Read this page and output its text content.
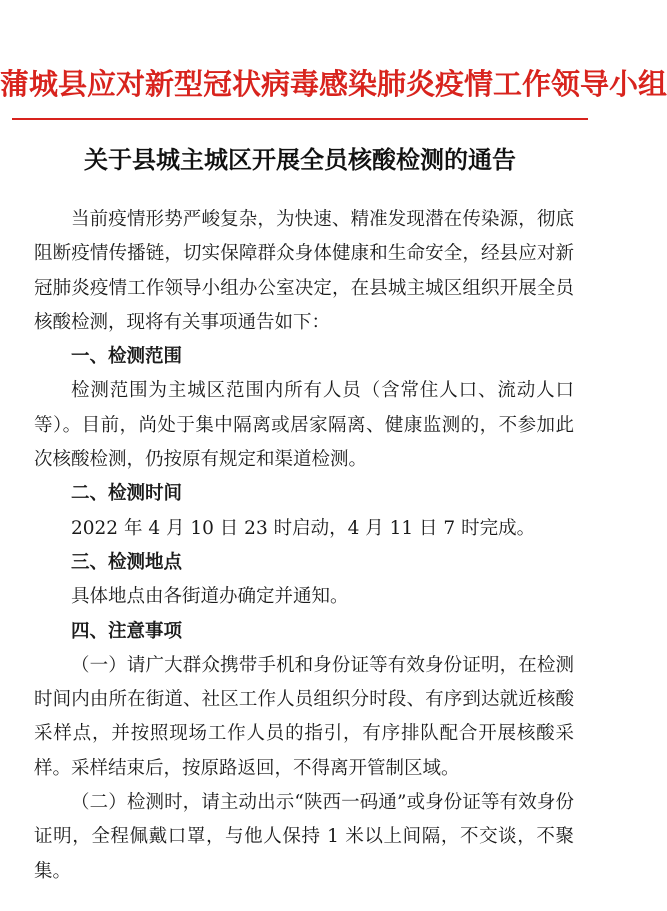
蒲城县应对新型冠状病毒感染肺炎疫情工作领导小组
关于县城主城区开展全员核酸检测的通告

当前疫情形势严峻复杂，为快速、精准发现潜在传染源，彻底阻断疫情传播链，切实保障群众身体健康和生命安全，经县应对新冠肺炎疫情工作领导小组办公室决定，在县城主城区组织开展全员核酸检测，现将有关事项通告如下：

一、检测范围

检测范围为主城区范围内所有人员（含常住人口、流动人口等）。目前，尚处于集中隔离或居家隔离、健康监测的，不参加此次核酸检测，仍按原有规定和渠道检测。

二、检测时间

2022 年 4 月 10 日 23 时启动，4 月 11 日 7 时完成。

三、检测地点

具体地点由各街道办确定并通知。

四、注意事项

（一）请广大群众携带手机和身份证等有效身份证明，在检测时间内由所在街道、社区工作人员组织分时段、有序到达就近核酸采样点，并按照现场工作人员的指引，有序排队配合开展核酸采样。采样结束后，按原路返回，不得离开管制区域。

（二）检测时，请主动出示“陕西一码通”或身份证等有效身份证明，全程佩戴口罩，与他人保持 1 米以上间隔，不交谈，不聚集。
